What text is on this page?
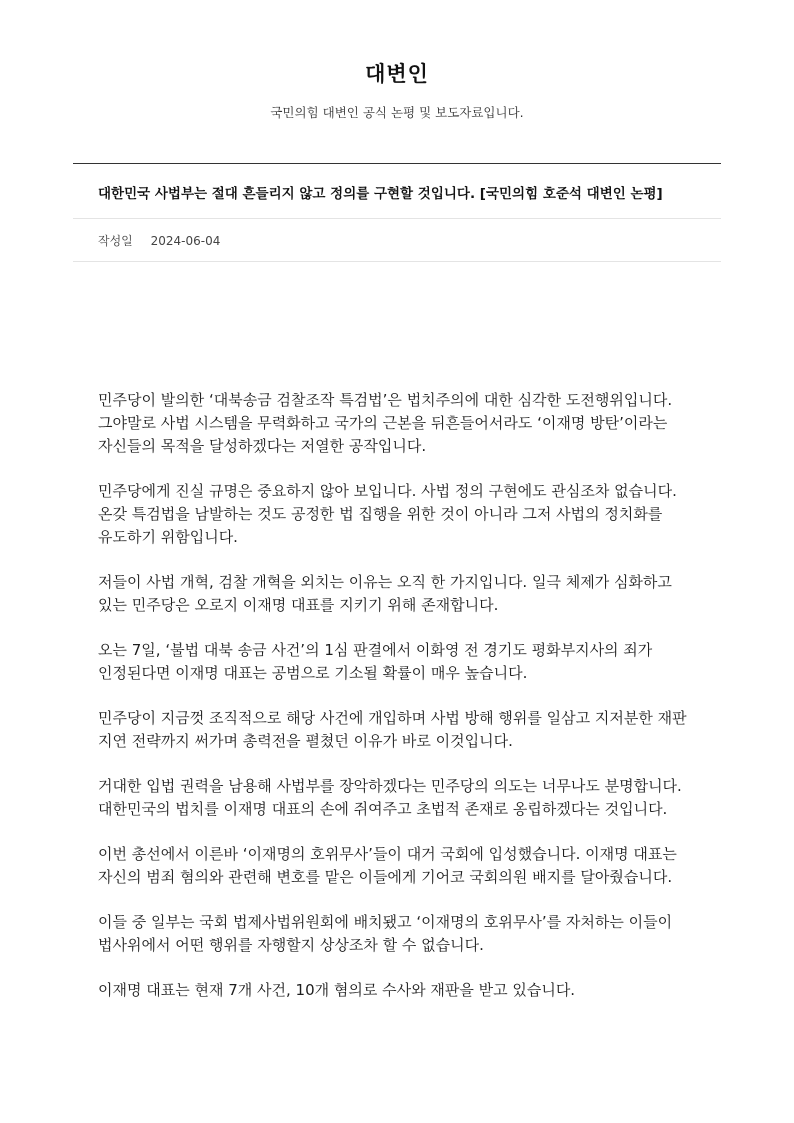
대변인
국민의힘 대변인 공식 논평 및 보도자료입니다.
대한민국 사법부는 절대 흔들리지 않고 정의를 구현할 것입니다. [국민의힘 호준석 대변인 논평]
작성일 2024-06-04

민주당이 발의한 ‘대북송금 검찰조작 특검법’은 법치주의에 대한 심각한 도전행위입니다. 그야말로 사법 시스템을 무력화하고 국가의 근본을 뒤흔들어서라도 ‘이재명 방탄’이라는 자신들의 목적을 달성하겠다는 저열한 공작입니다.

민주당에게 진실 규명은 중요하지 않아 보입니다. 사법 정의 구현에도 관심조차 없습니다. 온갖 특검법을 남발하는 것도 공정한 법 집행을 위한 것이 아니라 그저 사법의 정치화를 유도하기 위함입니다.

저들이 사법 개혁, 검찰 개혁을 외치는 이유는 오직 한 가지입니다. 일극 체제가 심화하고 있는 민주당은 오로지 이재명 대표를 지키기 위해 존재합니다.

오는 7일, ‘불법 대북 송금 사건’의 1심 판결에서 이화영 전 경기도 평화부지사의 죄가 인정된다면 이재명 대표는 공범으로 기소될 확률이 매우 높습니다.

민주당이 지금껏 조직적으로 해당 사건에 개입하며 사법 방해 행위를 일삼고 지저분한 재판 지연 전략까지 써가며 총력전을 펼쳤던 이유가 바로 이것입니다.

거대한 입법 권력을 남용해 사법부를 장악하겠다는 민주당의 의도는 너무나도 분명합니다. 대한민국의 법치를 이재명 대표의 손에 쥐여주고 초법적 존재로 옹립하겠다는 것입니다.

이번 총선에서 이른바 ‘이재명의 호위무사’들이 대거 국회에 입성했습니다. 이재명 대표는 자신의 범죄 혐의와 관련해 변호를 맡은 이들에게 기어코 국회의원 배지를 달아줬습니다.

이들 중 일부는 국회 법제사법위원회에 배치됐고 ‘이재명의 호위무사’를 자처하는 이들이 법사위에서 어떤 행위를 자행할지 상상조차 할 수 없습니다.

이재명 대표는 현재 7개 사건, 10개 혐의로 수사와 재판을 받고 있습니다.
